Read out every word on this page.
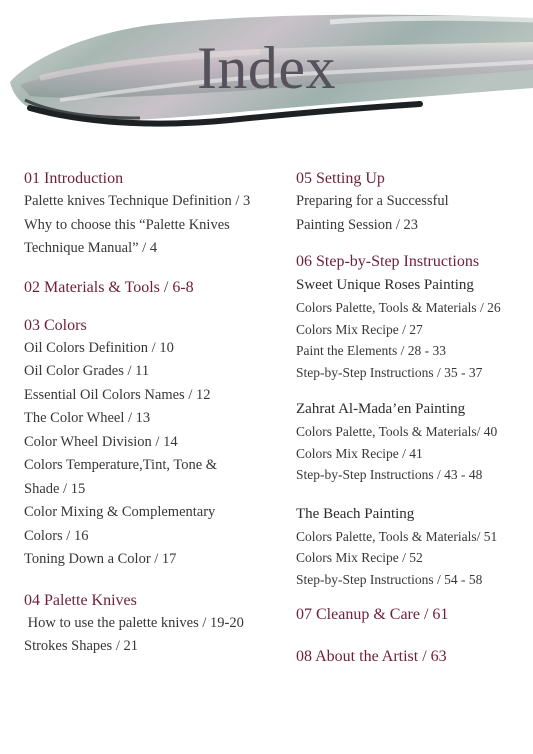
Index

01 Introduction

Palette knives Technique Definition / 3

Why to choose this “Palette Knives

Technique Manual” / 4

02 Materials & Tools / 6-8

03 Colors

Oil Colors Definition / 10

Oil Color Grades / 11

Essential Oil Colors Names / 12

The Color Wheel / 13

Color Wheel Division / 14

Colors Temperature,Tint, Tone &

Shade / 15

Color Mixing & Complementary

Colors / 16

Toning Down a Color / 17

04 Palette Knives

How to use the palette knives / 19-20

Strokes Shapes / 21

05 Setting Up

Preparing for a Successful

Painting Session / 23

06 Step-by-Step Instructions

Sweet Unique Roses Painting

Colors Palette, Tools & Materials / 26

Colors Mix Recipe / 27

Paint the Elements / 28 - 33

Step-by-Step Instructions / 35 - 37

Zahrat Al-Mada’en Painting

Colors Palette, Tools & Materials/ 40

Colors Mix Recipe / 41

Step-by-Step Instructions / 43 - 48

The Beach Painting

Colors Palette, Tools & Materials/ 51

Colors Mix Recipe / 52

Step-by-Step Instructions / 54 - 58

07 Cleanup & Care / 61

08 About the Artist / 63
